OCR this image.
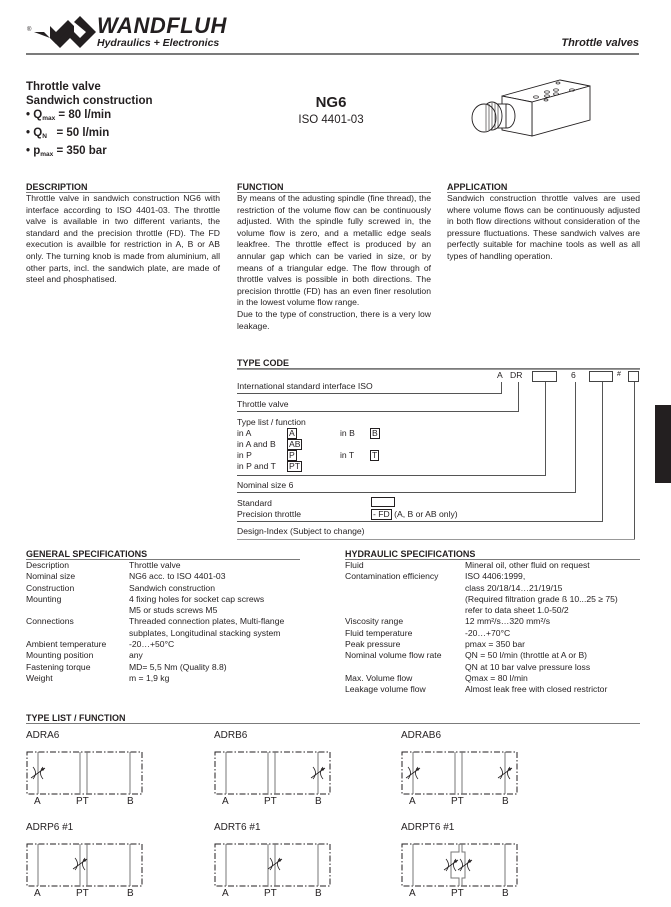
®	WANDFLUH
Hydraulics + Electronics	Throttle valves
Throttle valve
Sandwich construction
• $Q_{max} = 80$ l/min
• $Q_N = 50$ l/min
• $p_{max} = 350$ bar
NG6
ISO 4401-03
DESCRIPTION
Throttle valve in sandwich construction NG6 with interface according to ISO 4401-03. The throttle valve is available in two different variants, the standard and the precision throttle (FD). The FD execution is availble for restriction in A, B or AB only. The turning knob is made from aluminium, all other parts, incl. the sandwich plate, are made of steel and phosphatised.
FUNCTION
By means of the adusting spindle (fine thread), the restriction of the volume flow can be continuously adjusted. With the spindle fully screwed in, the volume flow is zero, and a metallic edge seals leakfree. The throttle effect is produced by an annular gap which can be varied in size, or by means of a triangular edge. The flow through of throttle valves is possible in both directions. The precision throttle (FD) has an even finer resolution in the lowest volume flow range.
Due to the type of construction, there is a very low leakage.
APPLICATION
Sandwich construction throttle valves are used where volume flows can be continuously adjusted in both flow directions without consideration of the pressure fluctuations. These sandwich valves are perfectly suitable for machine tools as well as all types of handling operation.
TYPE CODE
A DR	6	#
International standard interface ISO
Throttle valve
Type list / function
in A	A	in B B
in A and B AB
in P	P	in T T
in P and T PT
Nominal size 6
Standard
Precision throttle	- FD (A, B or AB only)
Design-Index (Subject to change)
GENERAL SPECIFICATIONS
Description	Throttle valve
Nominal size	NG6 acc. to ISO 4401-03
Construction	Sandwich construction
Mounting	4 fixing holes for socket cap screws
M5 or studs screws M5
Connections	Threaded connection plates, Multi-flange
subplates, Longitudinal stacking system
Ambient temperature	-20…+50°C
Mounting position	any
Fastening torque	MD= 5,5 Nm (Quality 8.8)
Weight	m = 1,9 kg
HYDRAULIC SPECIFICATIONS
Fluid	Mineral oil, other fluid on request
Contamination efficiency	ISO 4406:1999,
class 20/18/14…21/19/15
(Required filtration grade ß 10...25 ≥ 75)
refer to data sheet 1.0-50/2
Viscosity range	12 mm²/s…320 mm²/s
Fluid temperature	-20…+70°C
Peak pressure	pmax = 350 bar
Nominal volume flow rate	QN = 50 l/min (throttle at A or B)
QN at 10 bar valve pressure loss
Max. Volume flow	Qmax = 80 l/min
Leakage volume flow	Almost leak free with closed restrictor
TYPE LIST / FUNCTION
ADRA6
A	PT	B
ADRB6
A	PT	B
ADRAB6
A	PT	B
ADRP6 #1
A	PT	B
ADRT6 #1
A	PT	B
ADRPT6 #1
A	PT	B
